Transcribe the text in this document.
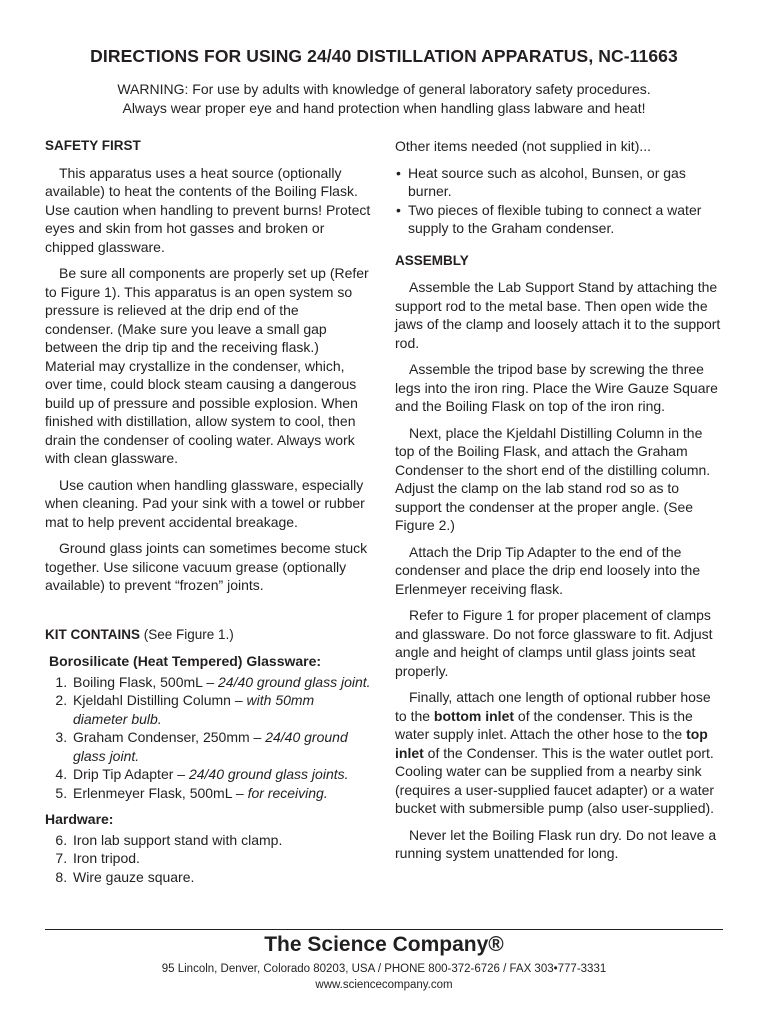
DIRECTIONS FOR USING 24/40 DISTILLATION APPARATUS, NC-11663
WARNING: For use by adults with knowledge of general laboratory safety procedures.
Always wear proper eye and hand protection when handling glass labware and heat!
SAFETY FIRST

This apparatus uses a heat source (optionally available) to heat the contents of the Boiling Flask. Use caution when handling to prevent burns! Protect eyes and skin from hot gasses and broken or chipped glassware.

Be sure all components are properly set up (Refer to Figure 1). This apparatus is an open system so pressure is relieved at the drip end of the condenser. (Make sure you leave a small gap between the drip tip and the receiving flask.) Material may crystallize in the condenser, which, over time, could block steam causing a dangerous build up of pressure and possible explosion. When finished with distillation, allow system to cool, then drain the condenser of cooling water. Always work with clean glassware.

Use caution when handling glassware, especially when cleaning. Pad your sink with a towel or rubber mat to help prevent accidental breakage.

Ground glass joints can sometimes become stuck together. Use silicone vacuum grease (optionally available) to prevent “frozen” joints.

KIT CONTAINS (See Figure 1.)
Borosilicate (Heat Tempered) Glassware:
1. Boiling Flask, 500mL – 24/40 ground glass joint.
2. Kjeldahl Distilling Column – with 50mm diameter bulb.
3. Graham Condenser, 250mm – 24/40 ground glass joint.
4. Drip Tip Adapter – 24/40 ground glass joints.
5. Erlenmeyer Flask, 500mL – for receiving.
Hardware:
6. Iron lab support stand with clamp.
7. Iron tripod.
8. Wire gauze square.

Other items needed (not supplied in kit)...

• Heat source such as alcohol, Bunsen, or gas burner.
• Two pieces of flexible tubing to connect a water supply to the Graham condenser.
ASSEMBLY

Assemble the Lab Support Stand by attaching the support rod to the metal base. Then open wide the jaws of the clamp and loosely attach it to the support rod.

Assemble the tripod base by screwing the three legs into the iron ring. Place the Wire Gauze Square and the Boiling Flask on top of the iron ring.

Next, place the Kjeldahl Distilling Column in the top of the Boiling Flask, and attach the Graham Condenser to the short end of the distilling column. Adjust the clamp on the lab stand rod so as to support the condenser at the proper angle. (See Figure 2.)

Attach the Drip Tip Adapter to the end of the condenser and place the drip end loosely into the Erlenmeyer receiving flask.

Refer to Figure 1 for proper placement of clamps and glassware. Do not force glassware to fit. Adjust angle and height of clamps until glass joints seat properly.

Finally, attach one length of optional rubber hose to the bottom inlet of the condenser. This is the water supply inlet. Attach the other hose to the top inlet of the Condenser. This is the water outlet port. Cooling water can be supplied from a nearby sink (requires a user-supplied faucet adapter) or a water bucket with submersible pump (also user-supplied).

Never let the Boiling Flask run dry. Do not leave a running system unattended for long.

The Science Company®
95 Lincoln, Denver, Colorado 80203, USA / PHONE 800-372-6726 / FAX 303•777-3331
www.sciencecompany.com
